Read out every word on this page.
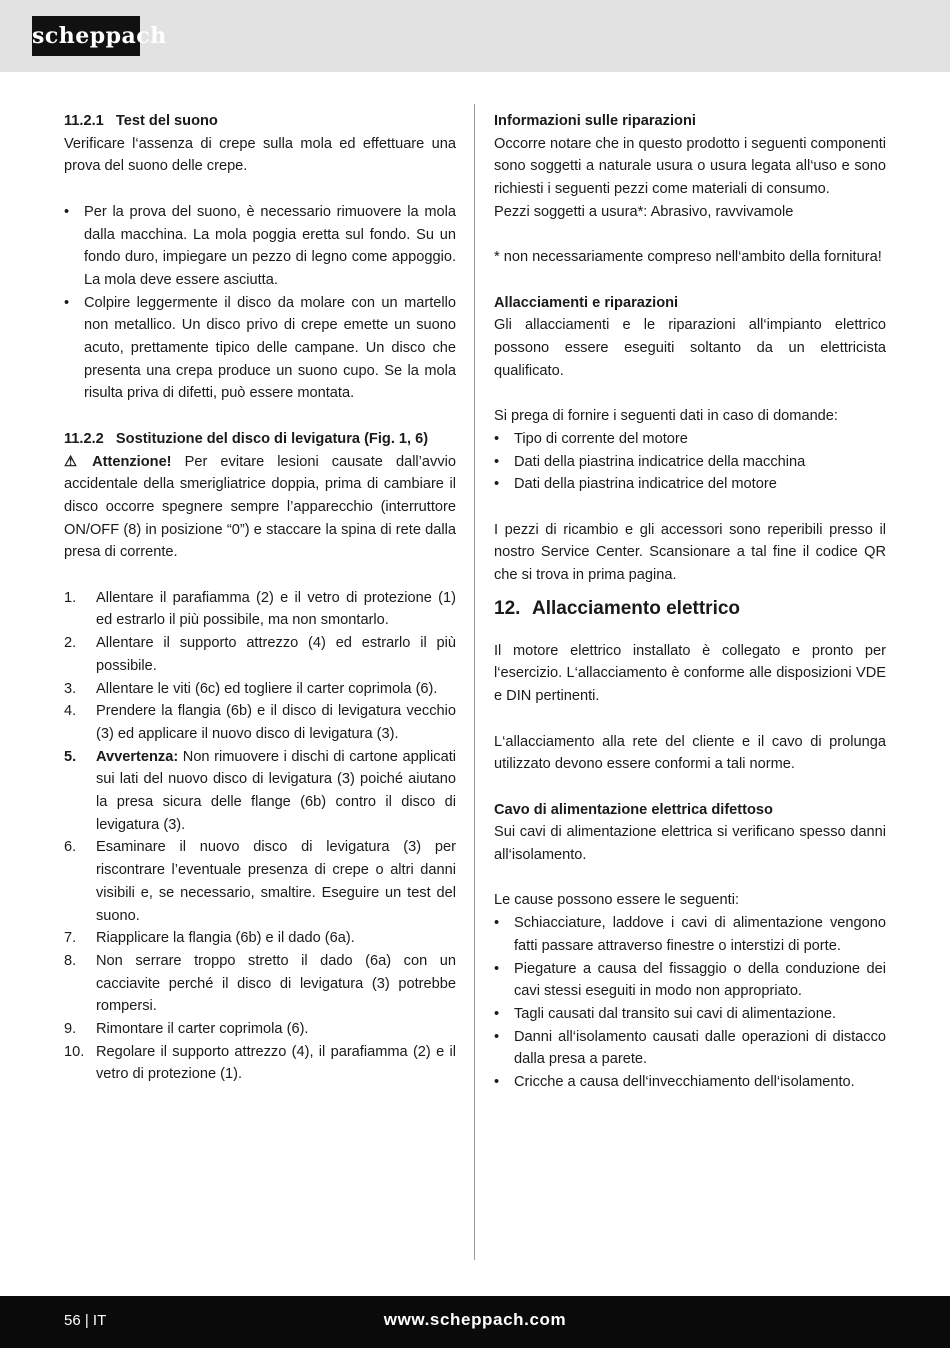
scheppach

11.2.1   Test del suono

Verificare l‘assenza di crepe sulla mola ed effettuare una prova del suono delle crepe.

• Per la prova del suono, è necessario rimuovere la mola dalla macchina. La mola poggia eretta sul fondo. Su un fondo duro, impiegare un pezzo di legno come appoggio. La mola deve essere asciutta.
• Colpire leggermente il disco da molare con un martello non metallico. Un disco privo di crepe emette un suono acuto, prettamente tipico delle campane. Un disco che presenta una crepa produce un suono cupo. Se la mola risulta priva di difetti, può essere montata.

11.2.2   Sostituzione del disco di levigatura (Fig. 1, 6)

⚠ Attenzione! Per evitare lesioni causate dall’avvio accidentale della smerigliatrice doppia, prima di cambiare il disco occorre spegnere sempre l’apparecchio (interruttore ON/OFF (8) in posizione “0”) e staccare la spina di rete dalla presa di corrente.

1. Allentare il parafiamma (2) e il vetro di protezione (1) ed estrarlo il più possibile, ma non smontarlo.
2. Allentare il supporto attrezzo (4) ed estrarlo il più possibile.
3. Allentare le viti (6c) ed togliere il carter coprimola (6).
4. Prendere la flangia (6b) e il disco di levigatura vecchio (3) ed applicare il nuovo disco di levigatura (3).
5. Avvertenza: Non rimuovere i dischi di cartone applicati sui lati del nuovo disco di levigatura (3) poiché aiutano la presa sicura delle flange (6b) contro il disco di levigatura (3).
6. Esaminare il nuovo disco di levigatura (3) per riscontrare l’eventuale presenza di crepe o altri danni visibili e, se necessario, smaltire. Eseguire un test del suono.
7. Riapplicare la flangia (6b) e il dado (6a).
8. Non serrare troppo stretto il dado (6a) con un cacciavite perché il disco di levigatura (3) potrebbe rompersi.
9. Rimontare il carter coprimola (6).
10. Regolare il supporto attrezzo (4), il parafiamma (2) e il vetro di protezione (1).

Informazioni sulle riparazioni

Occorre notare che in questo prodotto i seguenti componenti sono soggetti a naturale usura o usura legata all‘uso e sono richiesti i seguenti pezzi come materiali di consumo.

Pezzi soggetti a usura*: Abrasivo, ravvivamole

* non necessariamente compreso nell‘ambito della fornitura!

Allacciamenti e riparazioni

Gli allacciamenti e le riparazioni all‘impianto elettrico possono essere eseguiti soltanto da un elettricista qualificato.

Si prega di fornire i seguenti dati in caso di domande:

• Tipo di corrente del motore
• Dati della piastrina indicatrice della macchina
• Dati della piastrina indicatrice del motore

I pezzi di ricambio e gli accessori sono reperibili presso il nostro Service Center. Scansionare a tal fine il codice QR che si trova in prima pagina.

12. Allacciamento elettrico

Il motore elettrico installato è collegato e pronto per l‘esercizio. L‘allacciamento è conforme alle disposizioni VDE e DIN pertinenti.

L‘allacciamento alla rete del cliente e il cavo di prolunga utilizzato devono essere conformi a tali norme.

Cavo di alimentazione elettrica difettoso

Sui cavi di alimentazione elettrica si verificano spesso danni all‘isolamento.

Le cause possono essere le seguenti:

• Schiacciature, laddove i cavi di alimentazione vengono fatti passare attraverso finestre o interstizi di porte.
• Piegature a causa del fissaggio o della conduzione dei cavi stessi eseguiti in modo non appropriato.
• Tagli causati dal transito sui cavi di alimentazione.
• Danni all‘isolamento causati dalle operazioni di distacco dalla presa a parete.
• Cricche a causa dell‘invecchiamento dell‘isolamento.
56 | IT	www.scheppach.com
